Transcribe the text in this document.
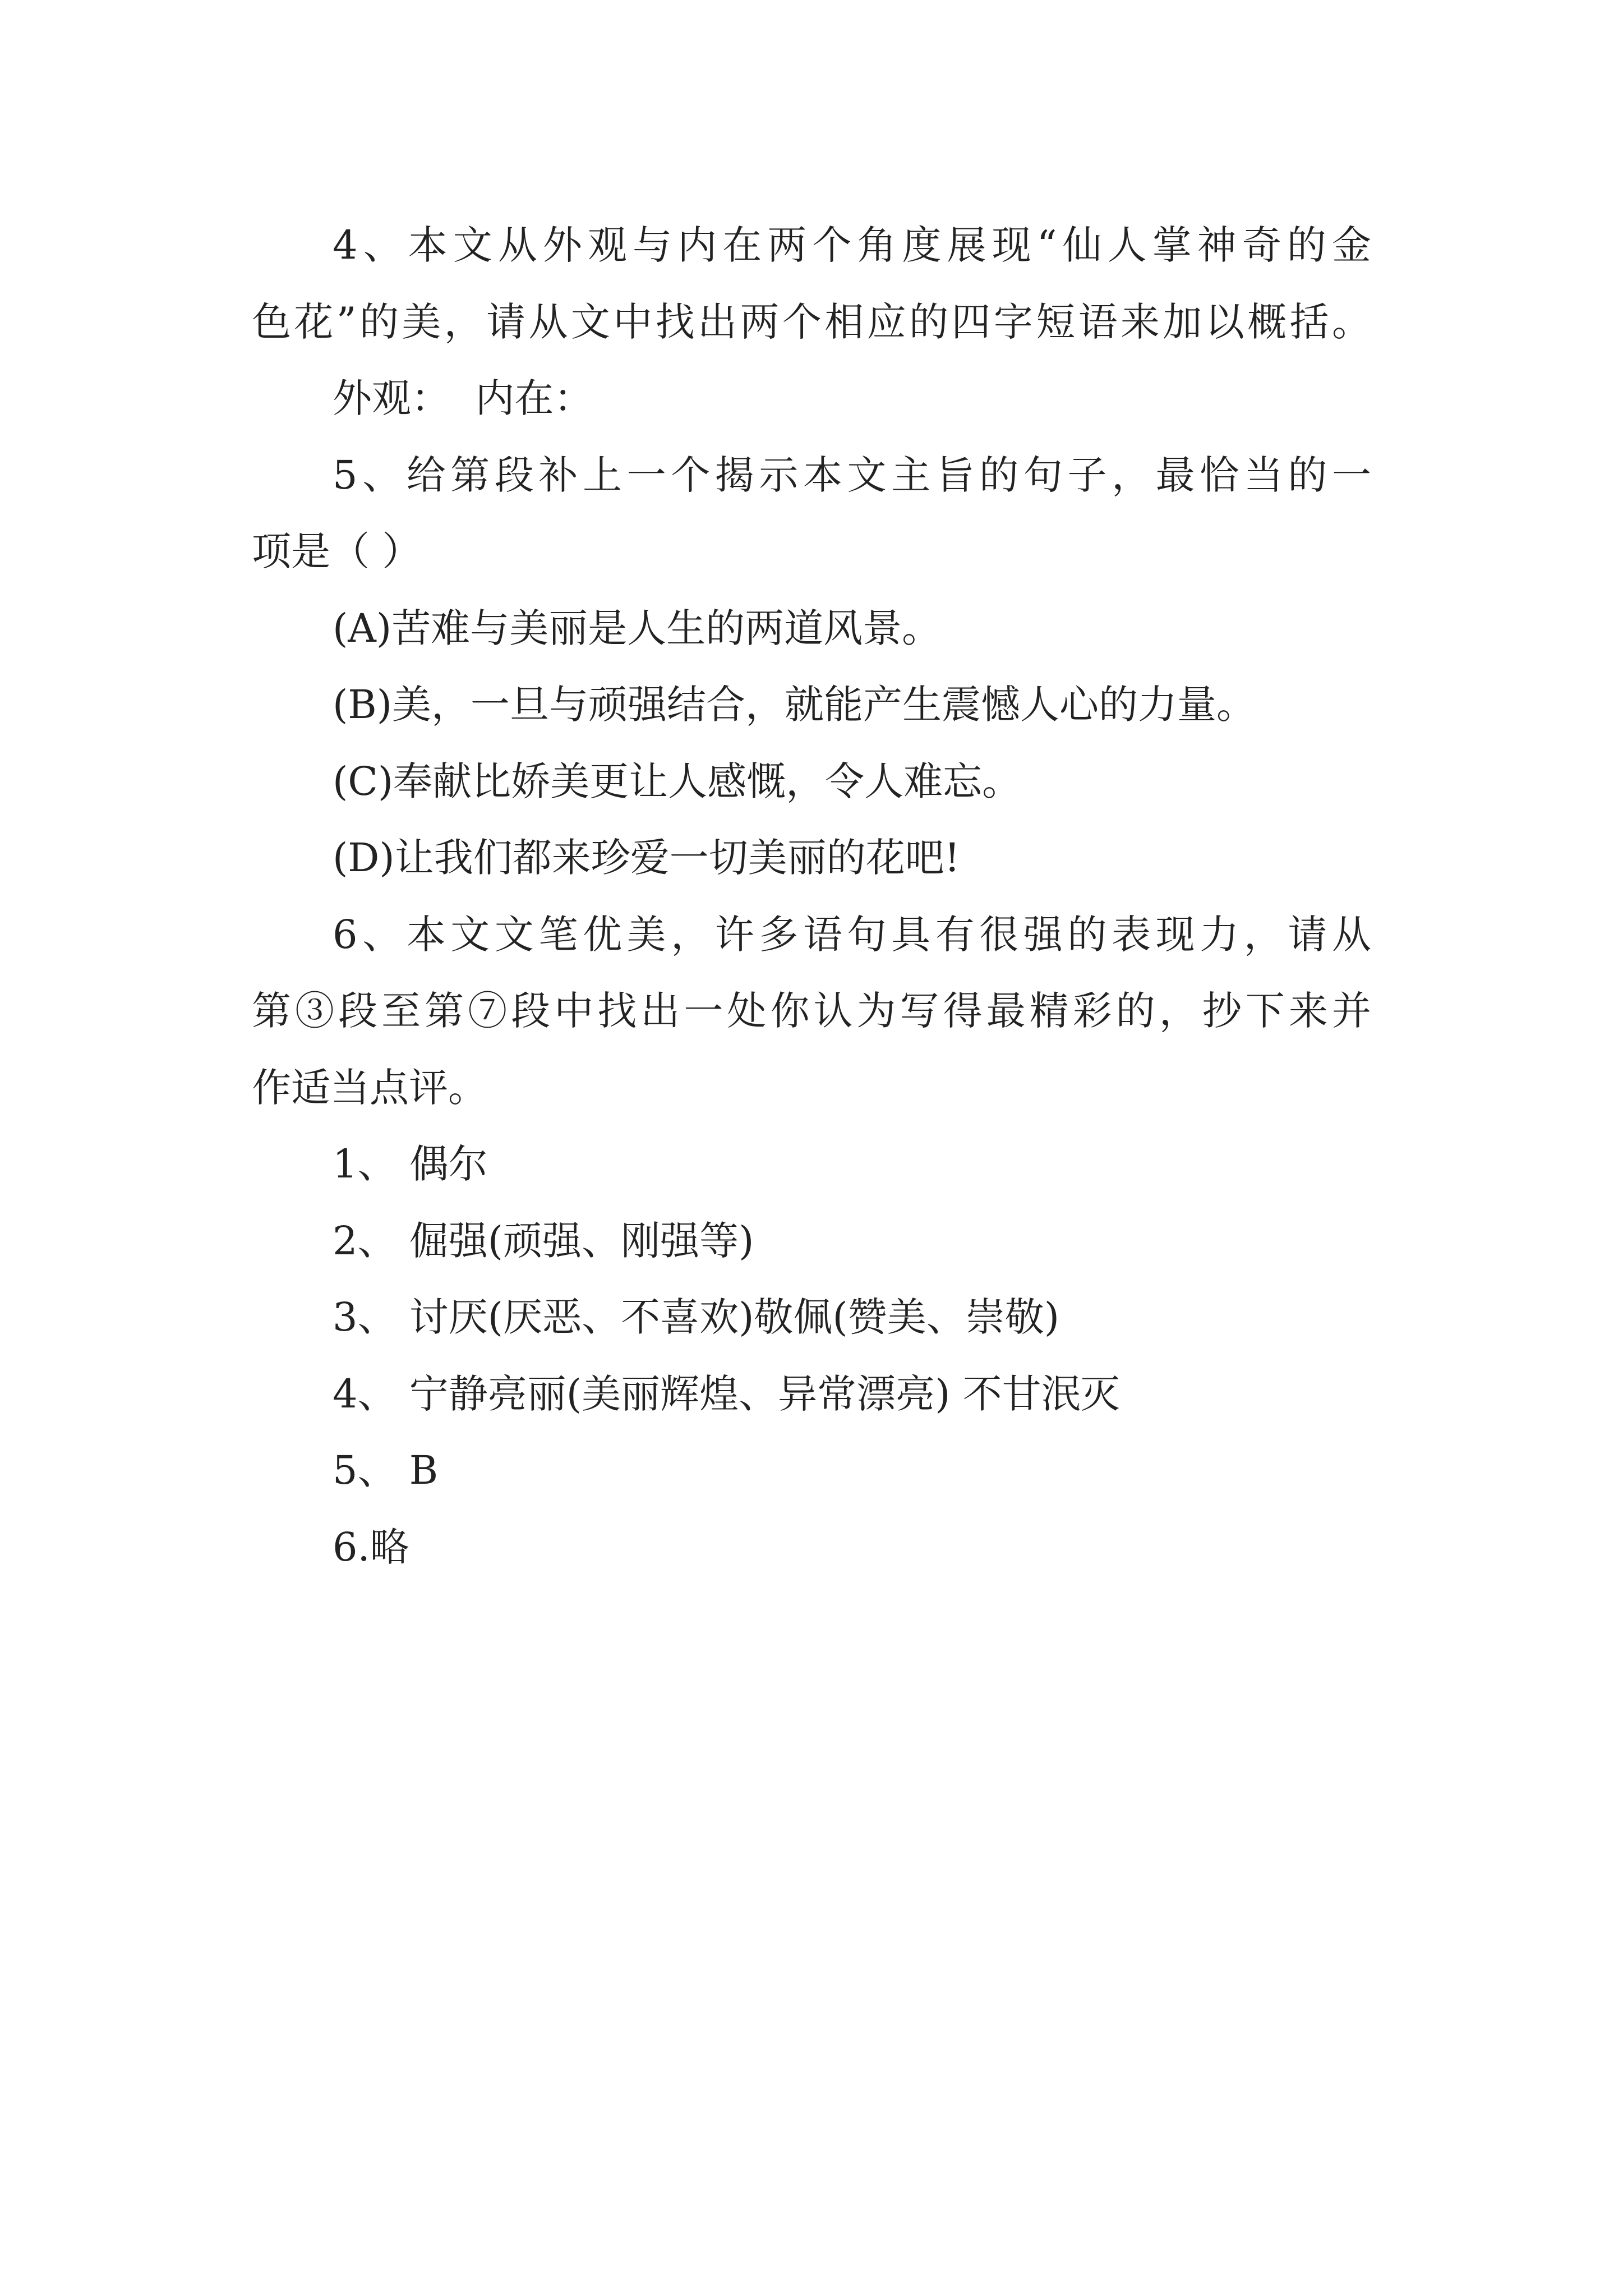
4、本文从外观与内在两个角度展现“仙人掌神奇的金
色花”的美，请从文中找出两个相应的四字短语来加以概括。
外观：  内在：
5、给第段补上一个揭示本文主旨的句子，最恰当的一
项是（ ）
(A)苦难与美丽是人生的两道风景。
(B)美，一旦与顽强结合，就能产生震憾人心的力量。
(C)奉献比娇美更让人感慨，令人难忘。
(D)让我们都来珍爱一切美丽的花吧!
6、本文文笔优美，许多语句具有很强的表现力，请从
第③段至第⑦段中找出一处你认为写得最精彩的，抄下来并
作适当点评。
1、 偶尔
2、 倔强(顽强、刚强等)
3、 讨厌(厌恶、不喜欢)敬佩(赞美、崇敬)
4、 宁静亮丽(美丽辉煌、异常漂亮) 不甘泯灭
5、 B
6.略
